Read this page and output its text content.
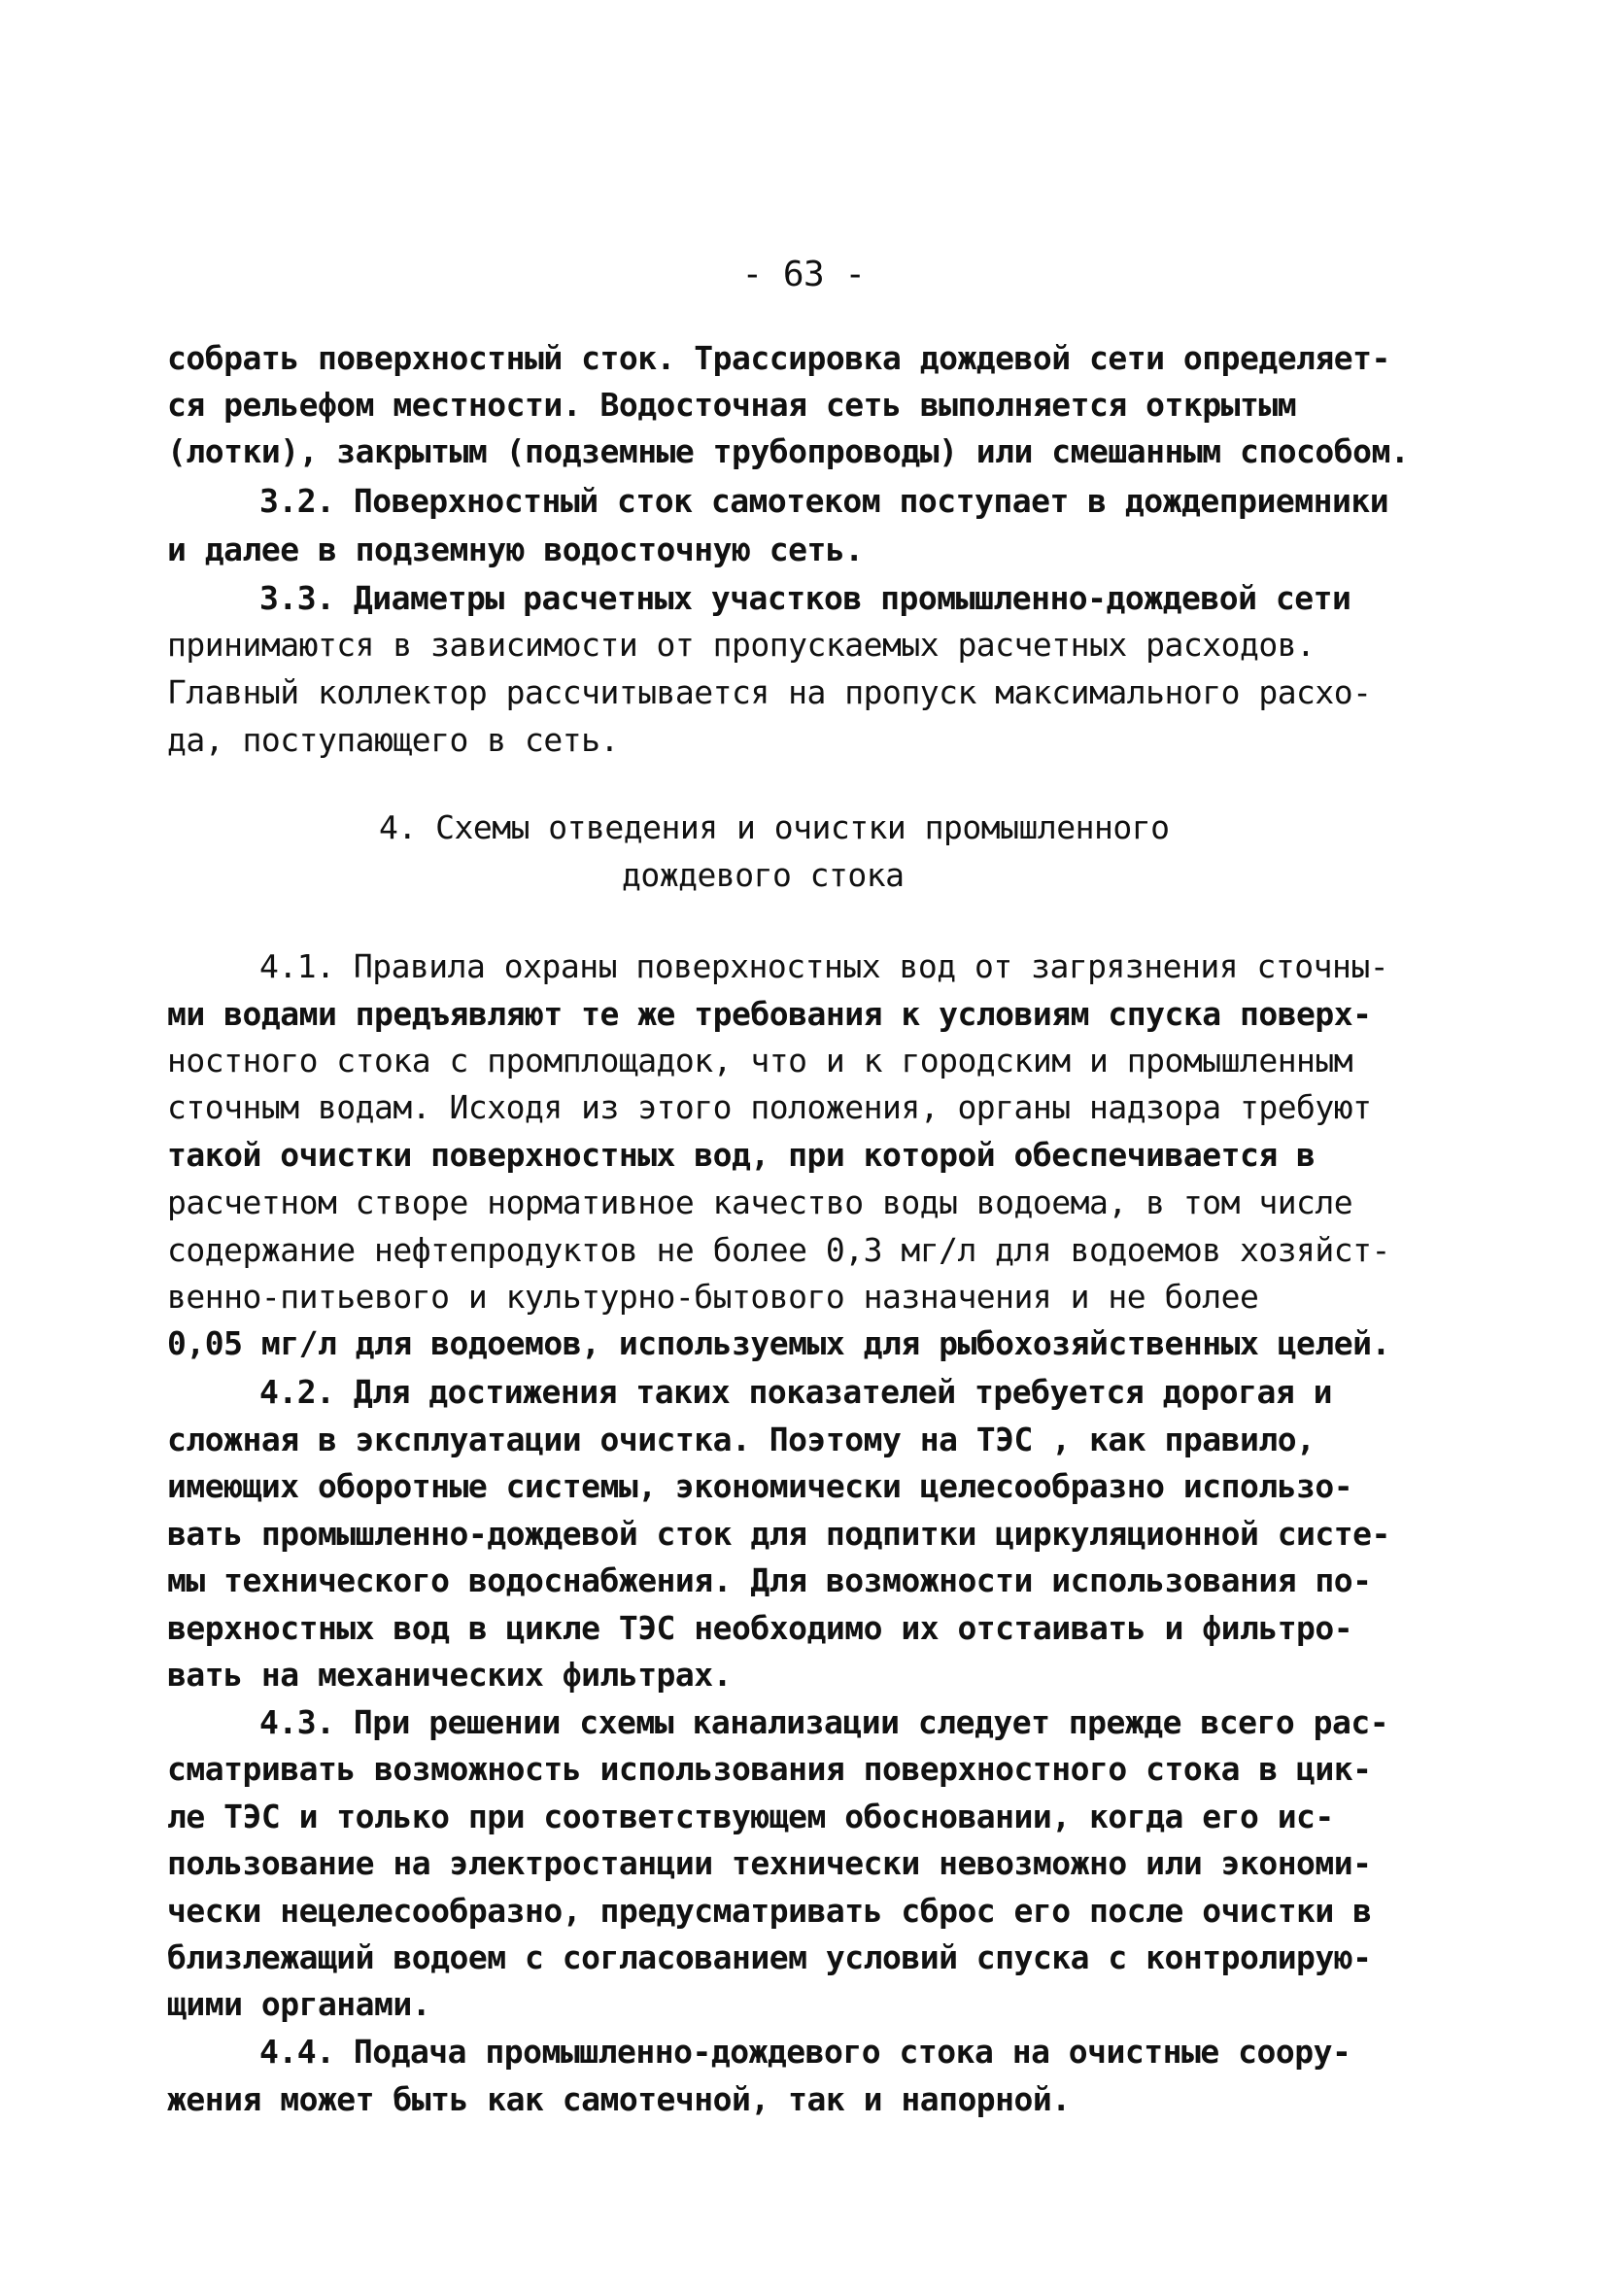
- 63 -
собрать поверхностный сток. Трассировка дождевой сети определяет-
ся рельефом местности. Водосточная сеть выполняется открытым
(лотки), закрытым (подземные трубопроводы) или смешанным способом.
3.2. Поверхностный сток самотеком поступает в дождеприемники
и далее в подземную водосточную сеть.
3.3. Диаметры расчетных участков промышленно-дождевой сети
принимаются в зависимости от пропускаемых расчетных расходов.
Главный коллектор рассчитывается на пропуск максимального расхо-
да, поступающего в сеть.
4. Схемы отведения и очистки промышленного
дождевого стока
4.1. Правила охраны поверхностных вод от загрязнения сточны-
ми водами предъявляют те же требования к условиям спуска поверх-
ностного стока с промплощадок, что и к городским и промышленным
сточным водам. Исходя из этого положения, органы надзора требуют
такой очистки поверхностных вод, при которой обеспечивается в
расчетном створе нормативное качество воды водоема, в том числе
содержание нефтепродуктов не более 0,3 мг/л для водоемов хозяйст-
венно-питьевого и культурно-бытового назначения и не более
0,05 мг/л для водоемов, используемых для рыбохозяйственных целей.
4.2. Для достижения таких показателей требуется дорогая и
сложная в эксплуатации очистка. Поэтому на ТЭС , как правило,
имеющих оборотные системы, экономически целесообразно использо-
вать промышленно-дождевой сток для подпитки циркуляционной систе-
мы технического водоснабжения. Для возможности использования по-
верхностных вод в цикле ТЭС необходимо их отстаивать и фильтро-
вать на механических фильтрах.
4.3. При решении схемы канализации следует прежде всего рас-
сматривать возможность использования поверхностного стока в цик-
ле ТЭС и только при соответствующем обосновании, когда его ис-
пользование на электростанции технически невозможно или экономи-
чески нецелесообразно, предусматривать сброс его после очистки в
близлежащий водоем с согласованием условий спуска с контролирую-
щими органами.
4.4. Подача промышленно-дождевого стока на очистные соору-
жения может быть как самотечной, так и напорной.
